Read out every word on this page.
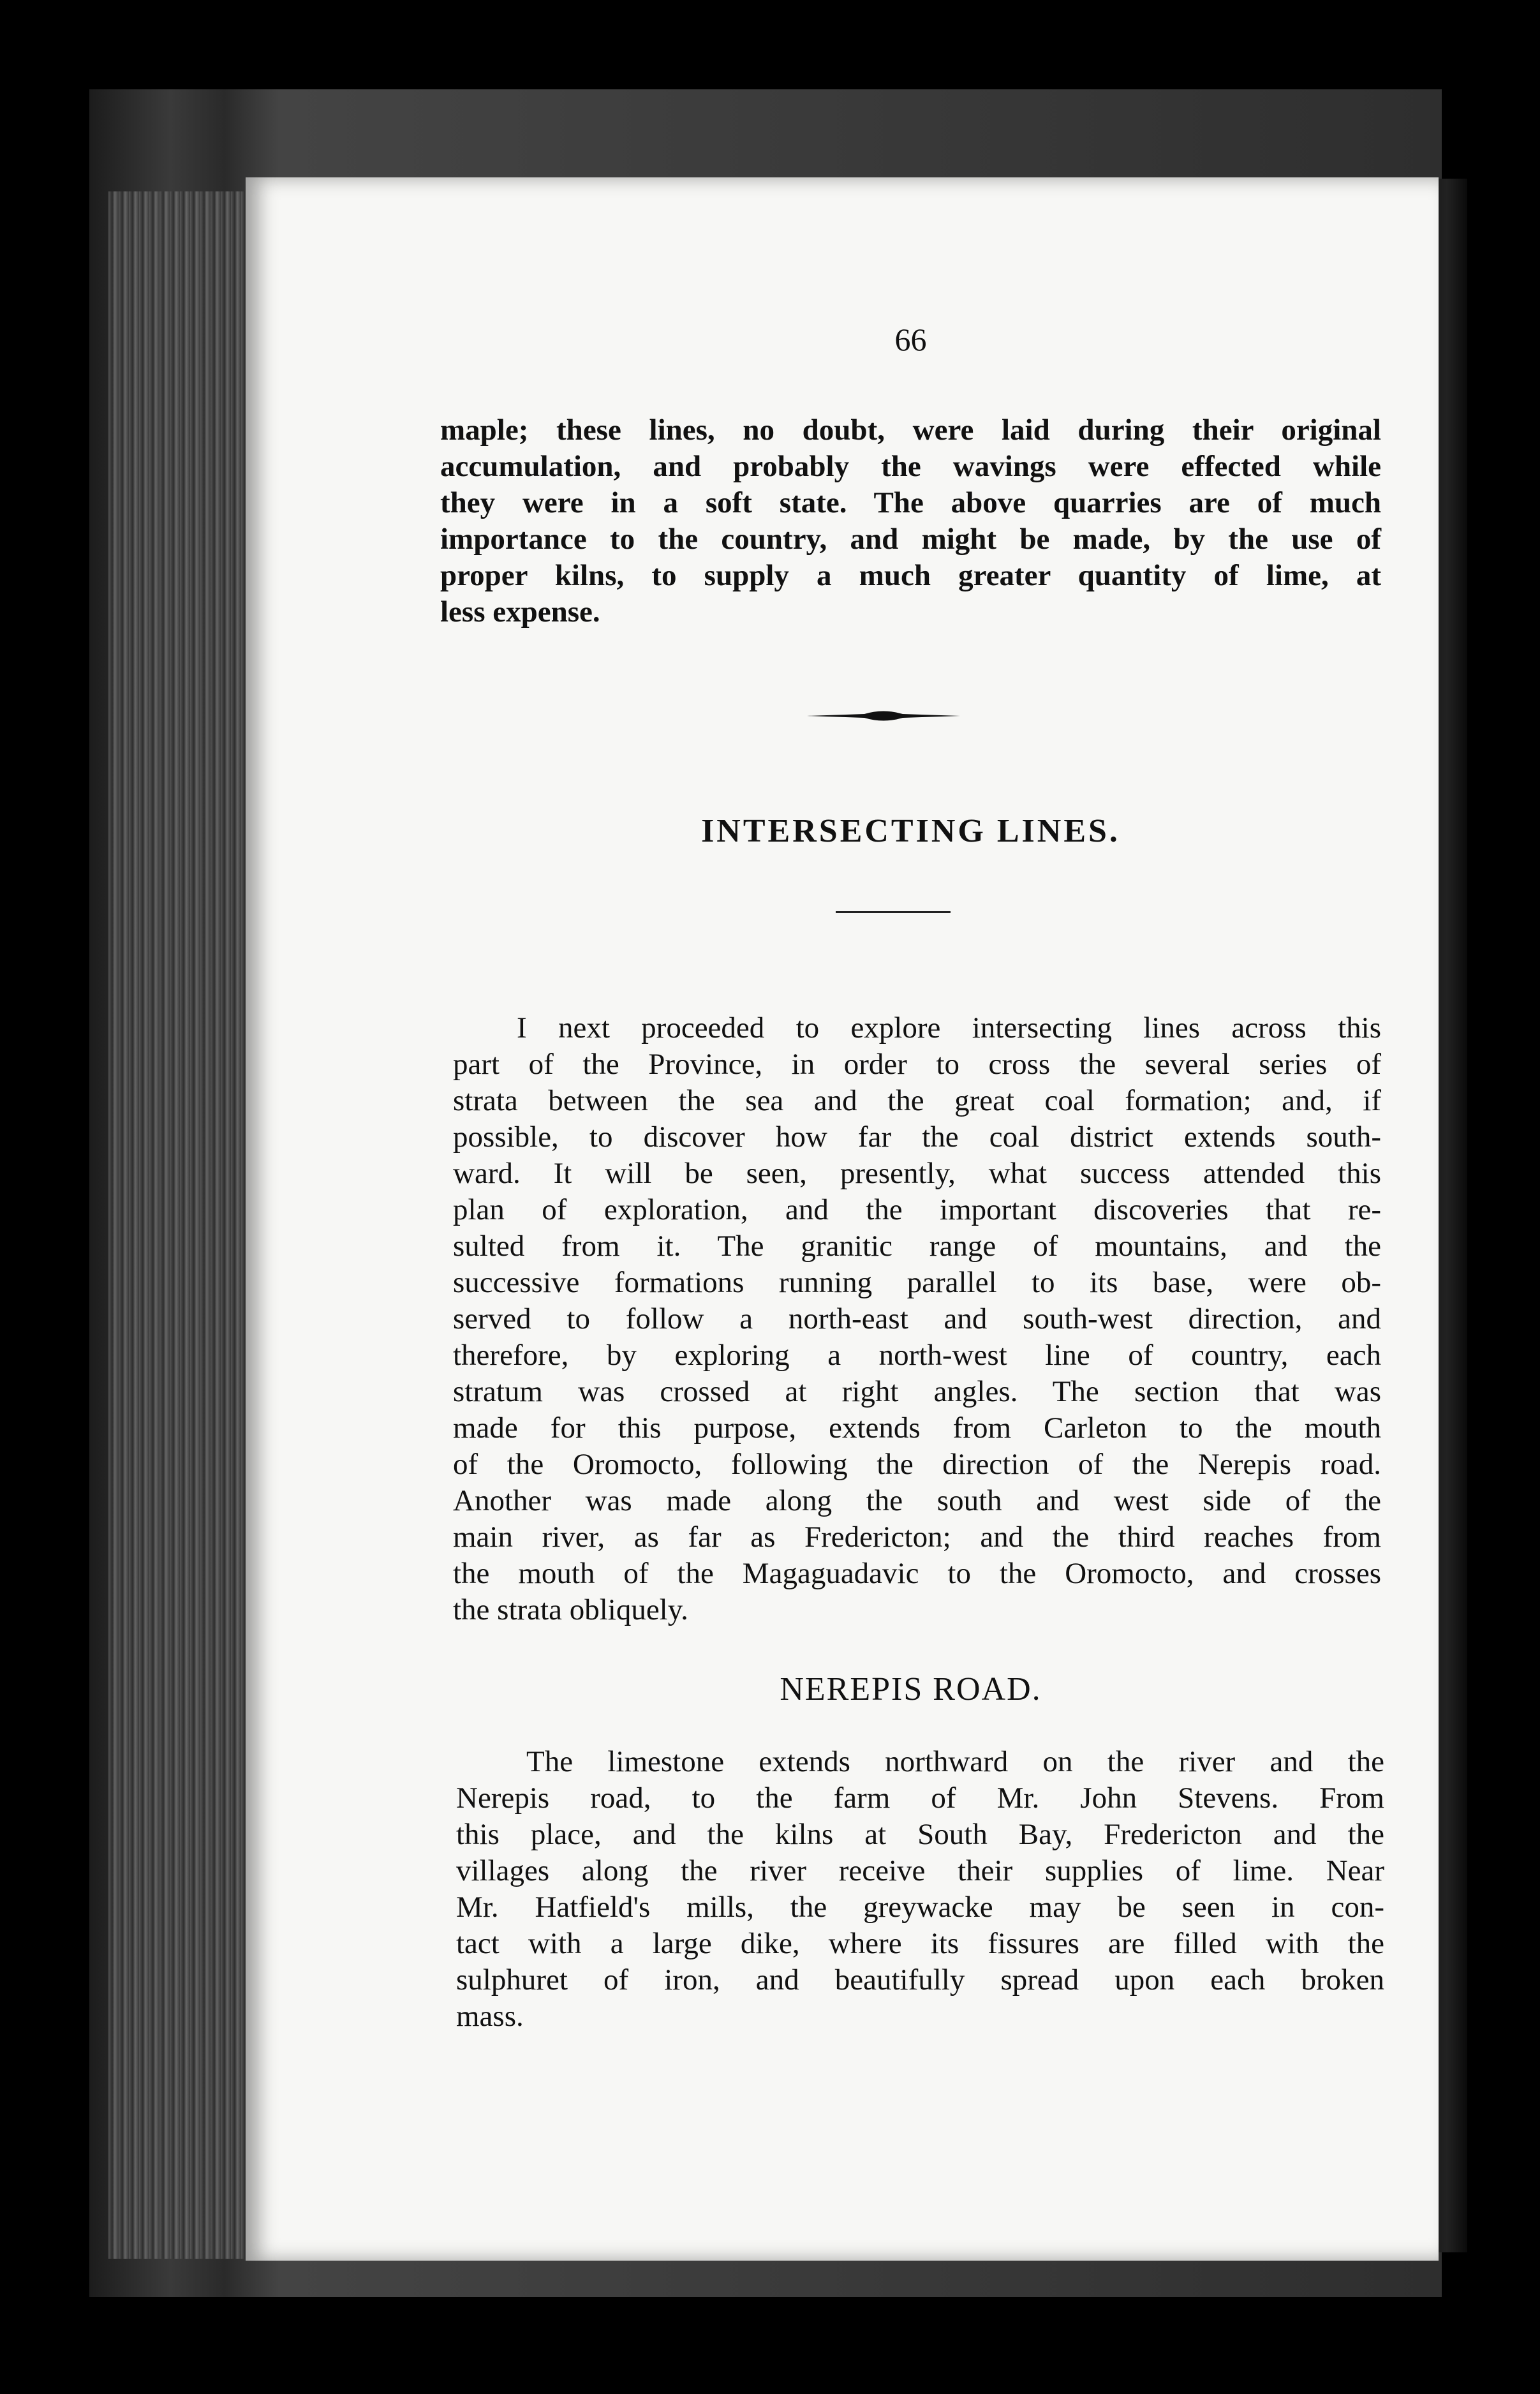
66

maple; these lines, no doubt, were laid during their original
accumulation, and probably the wavings were effected while
they were in a soft state. The above quarries are of much
importance to the country, and might be made, by the use of
proper kilns, to supply a much greater quantity of lime, at
less expense.

INTERSECTING LINES.

I next proceeded to explore intersecting lines across this
part of the Province, in order to cross the several series of
strata between the sea and the great coal formation; and, if
possible, to discover how far the coal district extends south-
ward. It will be seen, presently, what success attended this
plan of exploration, and the important discoveries that re-
sulted from it. The granitic range of mountains, and the
successive formations running parallel to its base, were ob-
served to follow a north-east and south-west direction, and
therefore, by exploring a north-west line of country, each
stratum was crossed at right angles. The section that was
made for this purpose, extends from Carleton to the mouth
of the Oromocto, following the direction of the Nerepis road.
Another was made along the south and west side of the
main river, as far as Fredericton; and the third reaches from
the mouth of the Magaguadavic to the Oromocto, and crosses
the strata obliquely.

NEREPIS ROAD.

The limestone extends northward on the river and the
Nerepis road, to the farm of Mr. John Stevens. From
this place, and the kilns at South Bay, Fredericton and the
villages along the river receive their supplies of lime. Near
Mr. Hatfield's mills, the greywacke may be seen in con-
tact with a large dike, where its fissures are filled with the
sulphuret of iron, and beautifully spread upon each broken
mass.
